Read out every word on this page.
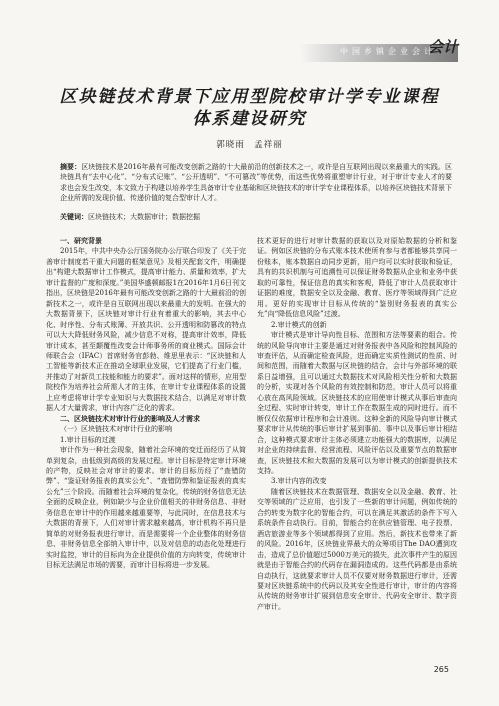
中国乡镇企业会计
会计
区块链技术背景下应用型院校审计学专业课程
体系建设研究
郭晓雨　孟祥丽
摘要：区块链技术是2016年最有可能改变创新之路的十大最前沿的创新技术之一，或许是自互联网出现以来最重大的实践。区块链具有“去中心化”、“分布式记账”、“公开透明”、“不可篡改”等优势，而这些优势将重塑审计行业，对于审计专业人才的要求也会发生改变，本文致力于构建以培养学生具备审计专业基础和区块链技术的审计学专业课程体系，以培养区块链技术背景下企业所需的发现价值、传递价值的复合型审计人才。
关键词：区块链技术；大数据审计；数据挖掘

一、研究背景

2015年，中共中央办公厅国务院办公厅联合印发了《关于完善审计制度若干重大问题的框架意见》及相关配套文件，明确提出“构建大数据审计工作模式，提高审计能力、质量和效率，扩大审计监督的广度和深度。”美国华盛顿邮报1在2016年1月6日刊文指出，区块链是2016年最有可能改变创新之路的十大最前沿的创新技术之一，或许是自互联网出现以来最重大的发明。在强大的大数据背景下，区块链对审计行业有着重大的影响，其去中心化、时序性、分布式账簿、开放共识、公开透明和防篡改的特点可以大大降低财务风险，减少信息不对称，提高审计效率，降低审计成本，甚至颠覆性改变会计师事务所的商业模式。国际会计师联合会（IFAC）首席财务官彭勃、维思里表示：“区块链和人工智能等新技术正在推动全球职业发展，它们提高了行业门槛，并推动了对新员工技能和能力的要求”。面对这样的情形，应用型院校作为培养社会所需人才的主体，在审计专业课程体系的设置上应考虑将审计学专业知识与大数据技术结合，以满足对审计数据人才大量需求，审计内容广泛化的需求。

二、区块链技术对审计行业的影响及人才需求

（一）区块链技术对审计行业的影响

1.审计目标的过渡

审计作为一种社会现象，随着社会环境的变迁而经历了从简单到复杂，由低级到高级的发展过程。审计目标是特定审计环境的产物，反映社会对审计的要求。审计的目标历经了“查错防弊”、“鉴证财务报表的真实公允”、“查错防弊和鉴证报表的真实公允”三个阶段。而随着社会环境的复杂化，传统的财务信息无法全面的反映企业，例如缺少与企业价值相关的非财务信息、非财务信息在审计中的作用越来越重要等，与此同时，在信息技术与大数据的背景下，人们对审计需求越来越高，审计机构不再只是简单的对财务报表进行审计，而是需要将一个企业整体的财务信息、非财务信息全部纳入审计中，以及对信息的动态化处理进行实时监控，审计的目标向为企业提供价值的方向转变，传统审计目标无法满足市场的需要，而审计目标将进一步发展。

技术更好的进行对审计数据的获取以及对原始数据的分析和鉴证。例如区块链的分布式账本技术使所有参与者都能够共享同一份账本，账本数据自动同步更新，用户均可以实时获取和验证，具有的共识机制与可追溯性可以保证财务数据从企业和业务中获取的可靠性，保证信息的真实和客观，降低了审计人员获取审计证据的难度，数据安全以及金融、教育、医疗等领域得到广泛应用。更好的实现审计目标从传统的“鉴别财务报表的真实公允”向“降低信息风险”过渡。

2.审计模式的创新

审计模式是审计导向性目标、范围和方法等要素的组合。传统的风险导向审计主要是通过对财务报表中各风险和控制风险的审查评估，从而确定检查风险，进而确定实质性测试的性质、时间和范围，而随着大数据与区块链的结合，会计与外部环境的联系日益增强，且可以通过大数据技术对风险相关性分析和大数据的分析，实现对各个风险的有效控制和防范，审计人员可以将重心放在高风险领域。区块链技术的应用使审计模式从事后审查向全过程、实时审计转变，审计工作在数据生成的同时进行。而不断仅仅依据审计程序和会计准则。这种全新的风险导向审计模式要求审计从传统的事后审计扩展到事前、事中以及事后审计相结合，这种模式要求审计主体必须建立功能强大的数据库，以满足对企业的持续监督、经营流程、风险评估以及重要节点的数据审查，区块链技术和大数据的发展可以为审计模式的创新提供技术支持。

3.审计内容的改变

随着区块链技术在数据管理、数据安全以及金融、教育、社交等领域的广泛应用，也引发了一些新的审计问题，例如传统的合约转变为数字化的智能合约，可以在满足其激活的条件下写入系统条件自动执行。目前，智能合约在供应链管理、电子投票、酒店旅游业等多个领域都得到了应用。然后，新技术也带来了新的风险。2016年，区块链业界最大的众筹项目The DAO遭到攻击，造成了总价值超过5000万美元的损失，此次事件产生的原因就是由于智能合约的代码存在漏洞造成的。这些代码都是由系统自动执行，这就要求审计人员不仅要对财务数据进行审计，还需要对区块链系统中的代码以及其安全性进行审计，审计的内容将从传统的财务审计扩展到信息安全审计、代码安全审计、数字资产审计。

265
